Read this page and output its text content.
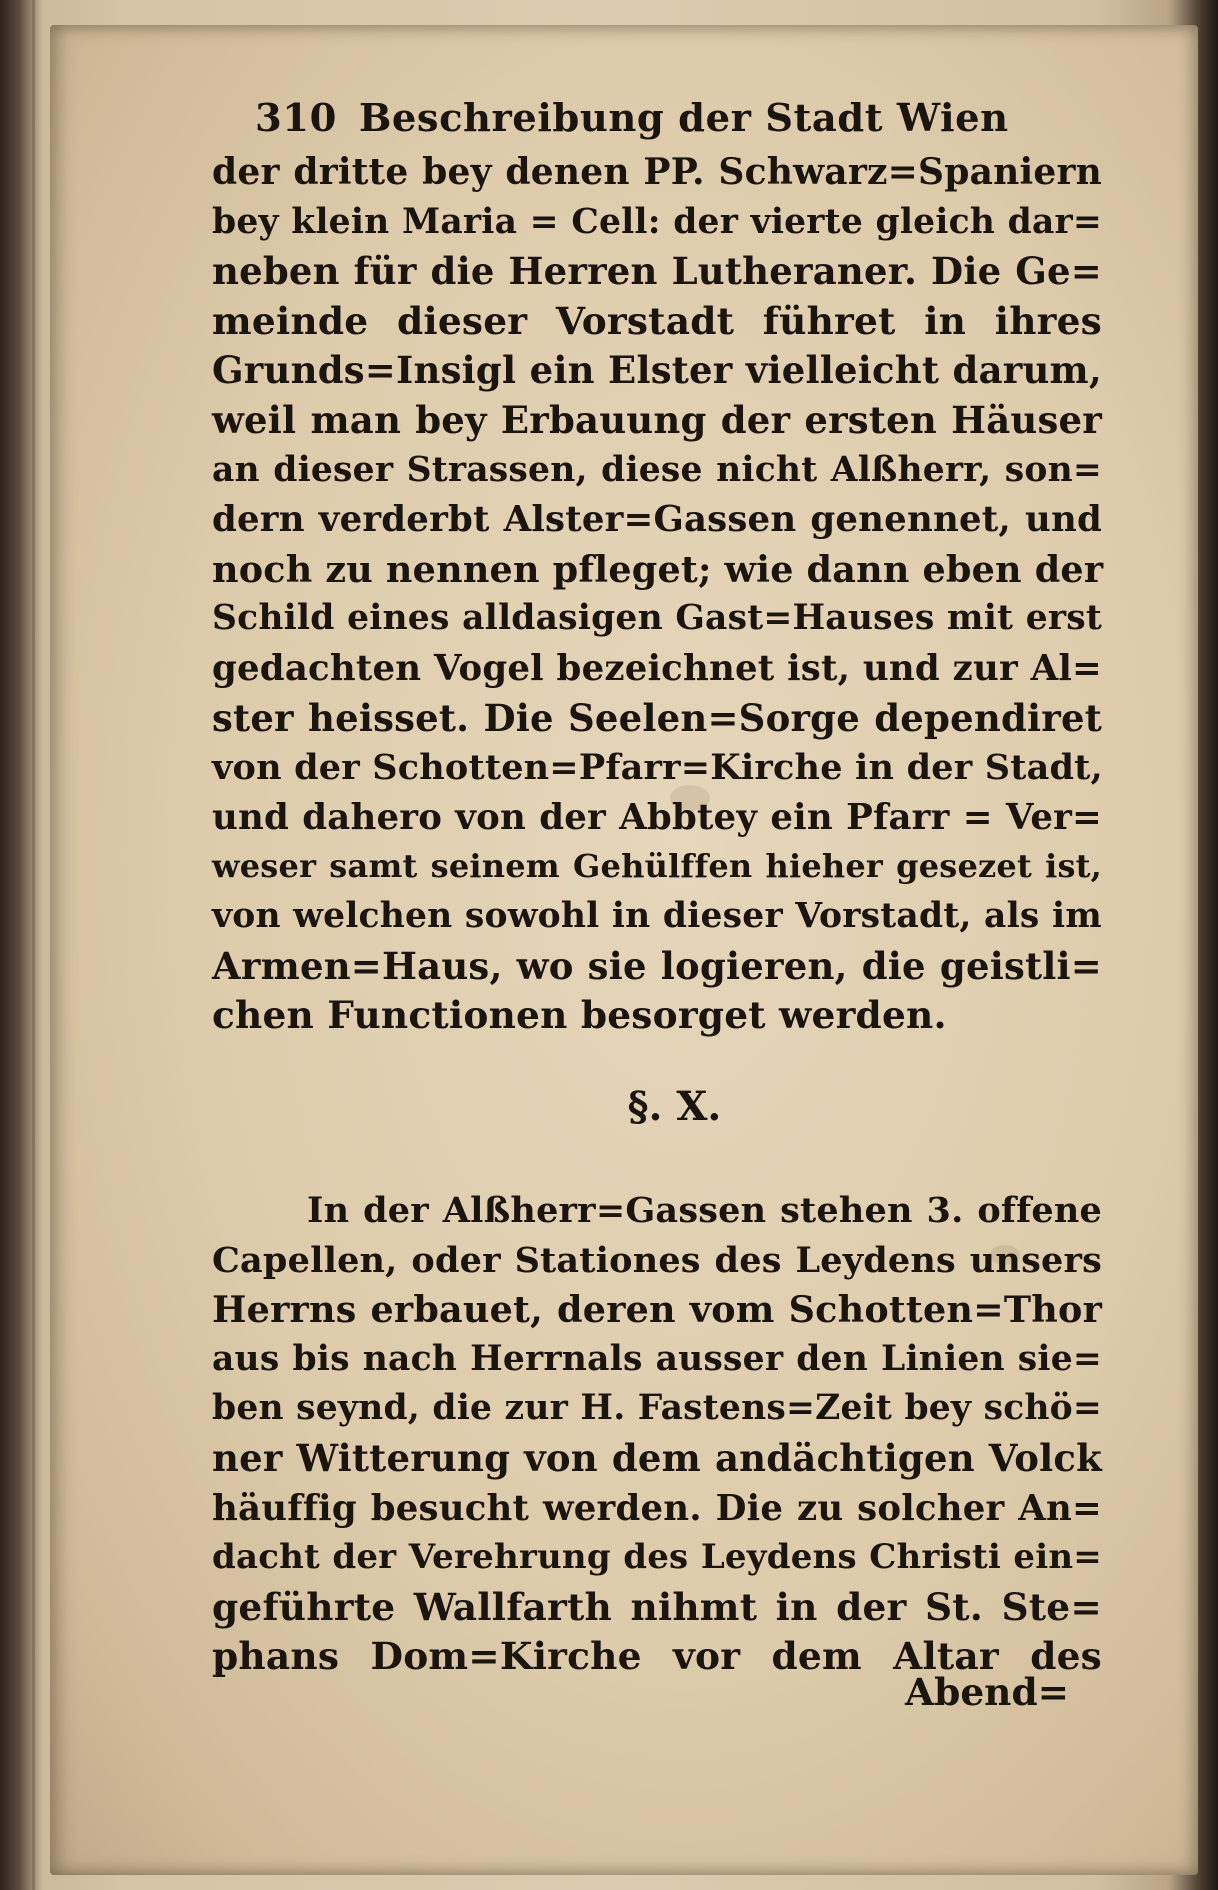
310 Beschreibung der Stadt Wien
der dritte bey denen PP. Schwarz=Spaniern
bey klein Maria = Cell: der vierte gleich dar=
neben für die Herren Lutheraner. Die Ge=
meinde dieser Vorstadt führet in ihres
Grunds=Insigl ein Elster vielleicht darum,
weil man bey Erbauung der ersten Häuser
an dieser Strassen, diese nicht Alßherr, son=
dern verderbt Alster=Gassen genennet, und
noch zu nennen pfleget; wie dann eben der
Schild eines alldasigen Gast=Hauses mit erst
gedachten Vogel bezeichnet ist, und zur Al=
ster heisset. Die Seelen=Sorge dependiret
von der Schotten=Pfarr=Kirche in der Stadt,
und dahero von der Abbtey ein Pfarr = Ver=
weser samt seinem Gehülffen hieher gesezet ist,
von welchen sowohl in dieser Vorstadt, als im
Armen=Haus, wo sie logieren, die geistli=
chen Functionen besorget werden.
§. X.
In der Alßherr=Gassen stehen 3. offene
Capellen, oder Stationes des Leydens unsers
Herrns erbauet, deren vom Schotten=Thor
aus bis nach Herrnals ausser den Linien sie=
ben seynd, die zur H. Fastens=Zeit bey schö=
ner Witterung von dem andächtigen Volck
häuffig besucht werden. Die zu solcher An=
dacht der Verehrung des Leydens Christi ein=
geführte Wallfarth nihmt in der St. Ste=
phans Dom=Kirche vor dem Altar des
Abend=
